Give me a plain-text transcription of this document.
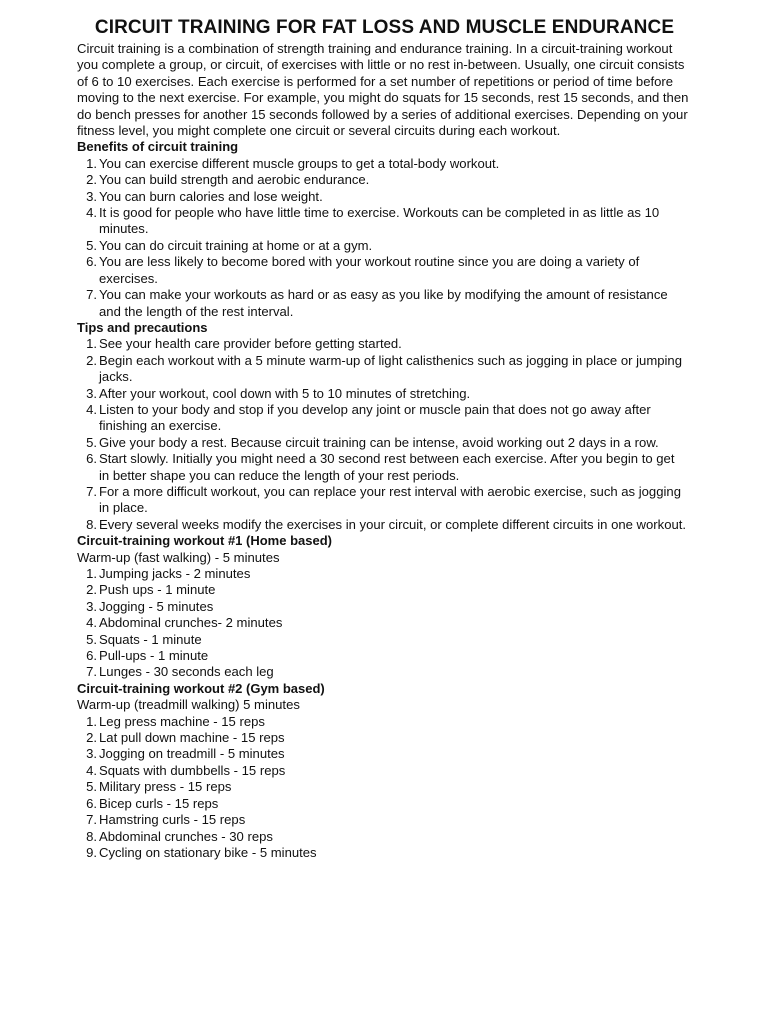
CIRCUIT TRAINING FOR FAT LOSS AND MUSCLE ENDURANCE

Circuit training is a combination of strength training and endurance training. In a circuit-training workout you complete a group, or circuit, of exercises with little or no rest in-between. Usually, one circuit consists of 6 to 10 exercises. Each exercise is performed for a set number of repetitions or period of time before moving to the next exercise. For example, you might do squats for 15 seconds, rest 15 seconds, and then do bench presses for another 15 seconds followed by a series of additional exercises. Depending on your fitness level, you might complete one circuit or several circuits during each workout.

Benefits of circuit training
You can exercise different muscle groups to get a total-body workout.
You can build strength and aerobic endurance.
You can burn calories and lose weight.
It is good for people who have little time to exercise. Workouts can be completed in as little as 10 minutes.
You can do circuit training at home or at a gym.
You are less likely to become bored with your workout routine since you are doing a variety of exercises.
You can make your workouts as hard or as easy as you like by modifying the amount of resistance and the length of the rest interval.
Tips and precautions
See your health care provider before getting started.
Begin each workout with a 5 minute warm-up of light calisthenics such as jogging in place or jumping jacks.
After your workout, cool down with 5 to 10 minutes of stretching.
Listen to your body and stop if you develop any joint or muscle pain that does not go away after finishing an exercise.
Give your body a rest. Because circuit training can be intense, avoid working out 2 days in a row.
Start slowly. Initially you might need a 30 second rest between each exercise. After you begin to get in better shape you can reduce the length of your rest periods.
For a more difficult workout, you can replace your rest interval with aerobic exercise, such as jogging in place.
Every several weeks modify the exercises in your circuit, or complete different circuits in one workout.
Circuit-training workout #1 (Home based)
Warm-up (fast walking) - 5 minutes
Jumping jacks - 2 minutes
Push ups - 1 minute
Jogging - 5 minutes
Abdominal crunches- 2 minutes
Squats - 1 minute
Pull-ups - 1 minute
Lunges - 30 seconds each leg
Circuit-training workout #2 (Gym based)
Warm-up (treadmill walking) 5 minutes
Leg press machine - 15 reps
Lat pull down machine - 15 reps
Jogging on treadmill - 5 minutes
Squats with dumbbells - 15 reps
Military press - 15 reps
Bicep curls - 15 reps
Hamstring curls - 15 reps
Abdominal crunches - 30 reps
Cycling on stationary bike - 5 minutes
